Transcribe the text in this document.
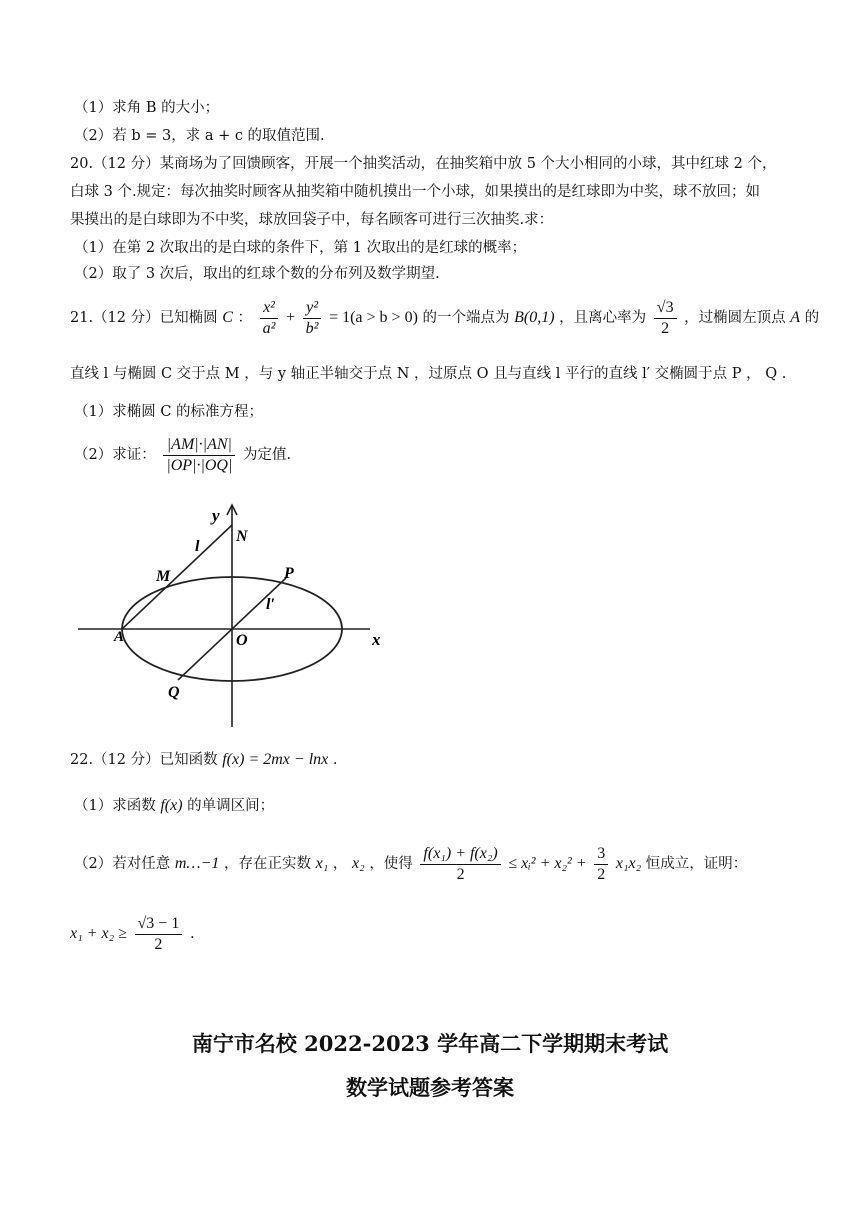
（1）求角 B 的大小；
（2）若 b = 3，求 a + c 的取值范围.
20.（12 分）某商场为了回馈顾客，开展一个抽奖活动，在抽奖箱中放 5 个大小相同的小球，其中红球 2 个，
白球 3 个.规定：每次抽奖时顾客从抽奖箱中随机摸出一个小球，如果摸出的是红球即为中奖，球不放回；如
果摸出的是白球即为不中奖，球放回袋子中，每名顾客可进行三次抽奖.求：
（1）在第 2 次取出的是白球的条件下，第 1 次取出的是红球的概率；
（2）取了 3 次后，取出的红球个数的分布列及数学期望.
21.（12 分）已知椭圆 C ： $\frac{\text{x²}}{\text{a²}} + \frac{\text{y²}}{\text{b²}} = 1(a > b > 0)$ 的一个端点为 B(0,1) ，且离心率为 $\frac{√3}{2}$ ，过椭圆左顶点 A 的
直线 l 与椭圆 C 交于点 M ，与 y 轴正半轴交于点 N ，过原点 O 且与直线 l 平行的直线 l′ 交椭圆于点 P ， Q .
（1）求椭圆 C 的标准方程；
（2）求证： $\frac{|AM|\cdot|AN|}{|OP|\cdot|OQ|}$ 为定值.
y
N
l
M	P
l′
A	O	x
Q
22.（12 分）已知函数 f(x) = 2mx − lnx .
（1）求函数 f(x) 的单调区间；
（2）若对任意 m…−1 ，存在正实数 x₁ ， x₂ ，使得 $\frac{\text{f(x₁) + f(x₂)}}{2}$ ≤ xᵢ² + $x_2^2 + \frac{3}{2} x_1x_2$ 恒成立，证明：
$x_1 + x_2 \ge \frac{√3 - 1}{2}$ .
南宁市名校 2022-2023 学年高二下学期期末考试
数学试题参考答案
